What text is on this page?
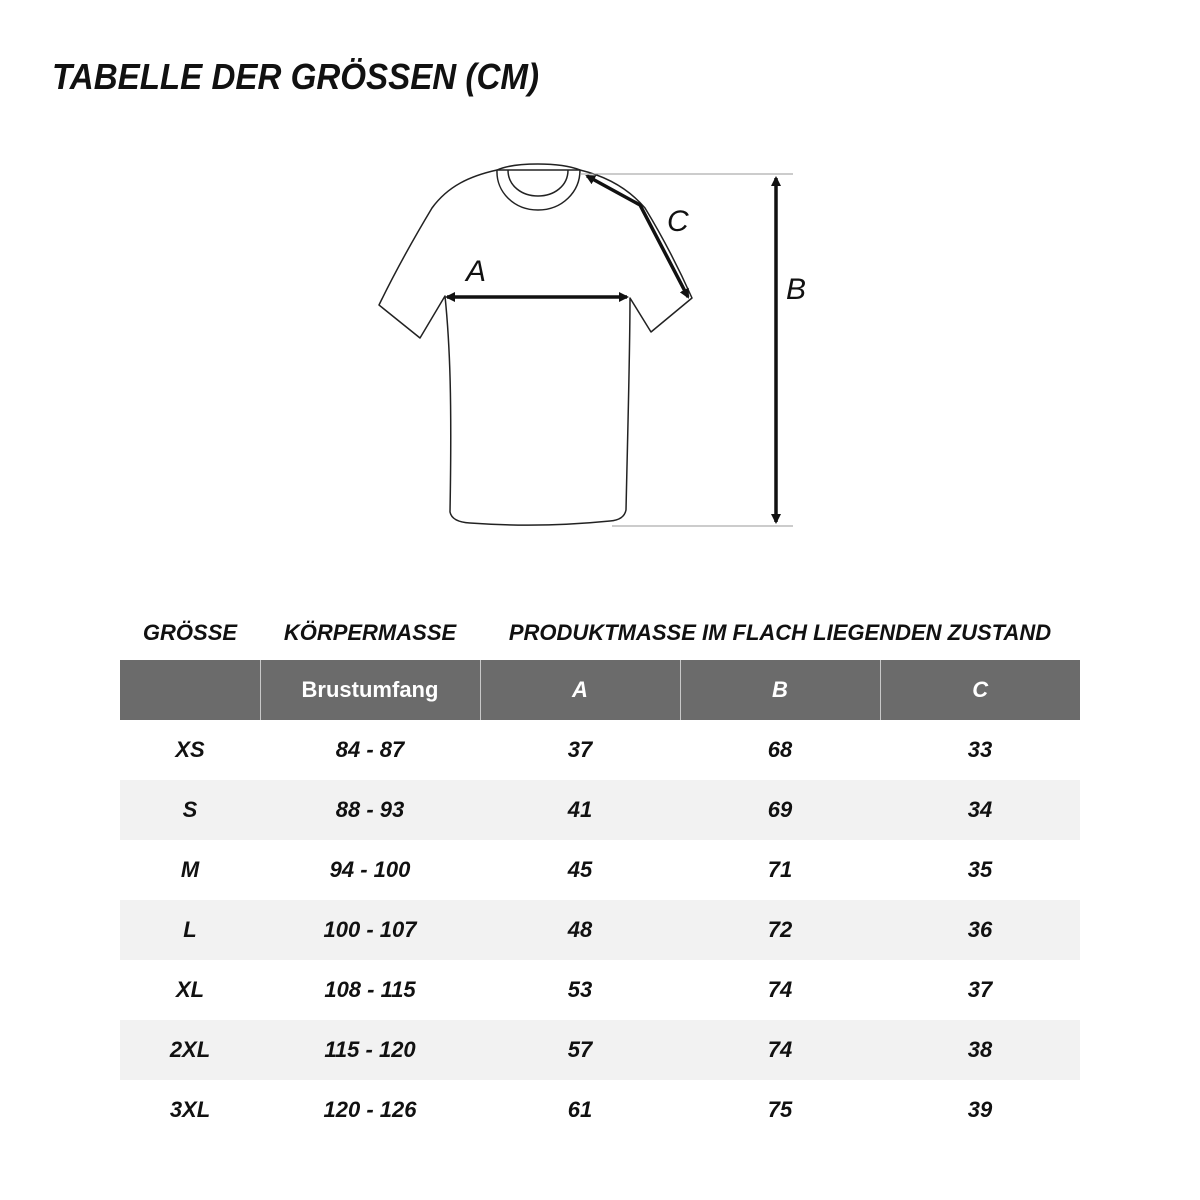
TABELLE DER GRÖSSEN (CM)
A
C
B
GRÖSSE	KÖRPERMASSE	PRODUKTMASSE IM FLACH LIEGENDEN ZUSTAND
	Brustumfang	A	B	C
XS	84 - 87	37	68	33
S	88 - 93	41	69	34
M	94 - 100	45	71	35
L	100 - 107	48	72	36
XL	108 - 115	53	74	37
2XL	115 - 120	57	74	38
3XL	120 - 126	61	75	39
